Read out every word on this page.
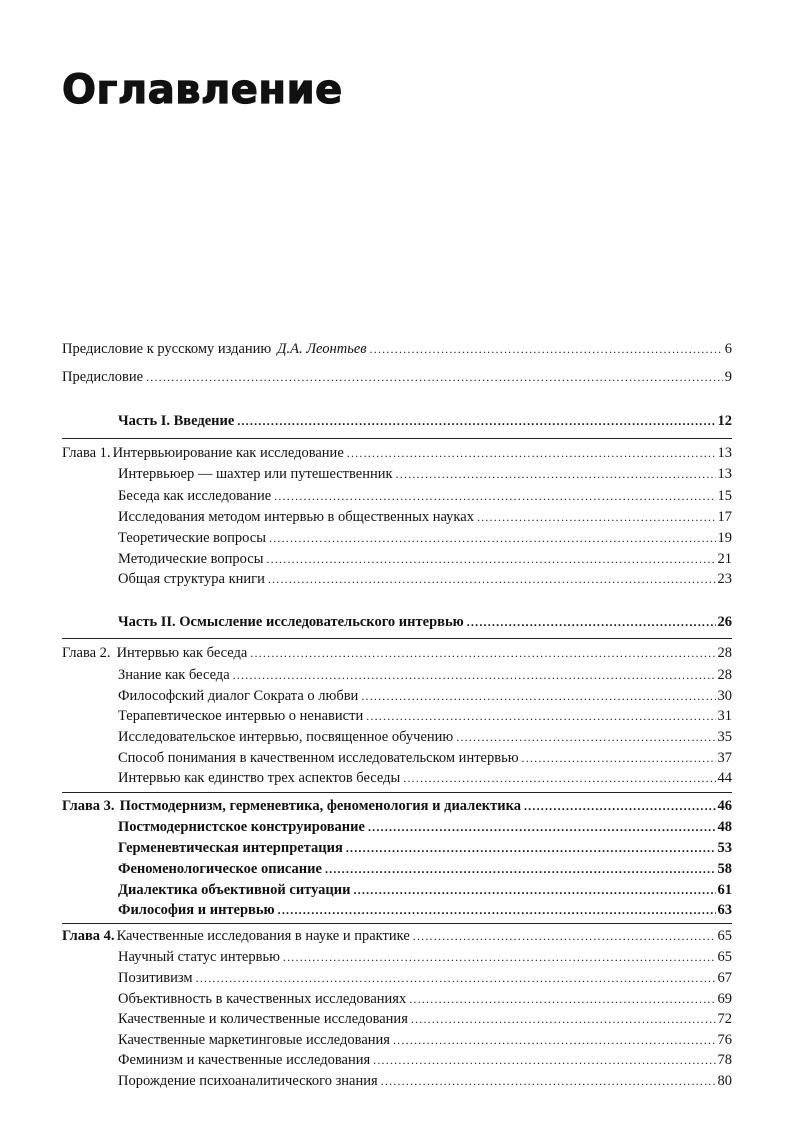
Оглавление
Предисловие к русскому изданию Д.А. Леонтьев .....	6
Предисловие .....	9
Часть I. Введение .....	12
Глава 1. Интервьюирование как исследование .....	13
Интервьюер — шахтер или путешественник .....	13
Беседа как исследование .....	15
Исследования методом интервью в общественных науках .....	17
Теоретические вопросы .....	19
Методические вопросы .....	21
Общая структура книги .....	23
Часть II. Осмысление исследовательского интервью .....	26
Глава 2. Интервью как беседа .....	28
Знание как беседа .....	28
Философский диалог Сократа о любви .....	30
Терапевтическое интервью о ненависти .....	31
Исследовательское интервью, посвященное обучению .....	35
Способ понимания в качественном исследовательском интервью .....	37
Интервью как единство трех аспектов беседы .....	44
Глава 3. Постмодернизм, герменевтика, феноменология и диалектика .....	46
Постмодернистское конструирование .....	48
Герменевтическая интерпретация .....	53
Феноменологическое описание .....	58
Диалектика объективной ситуации .....	61
Философия и интервью .....	63
Глава 4. Качественные исследования в науке и практике .....	65
Научный статус интервью .....	65
Позитивизм .....	67
Объективность в качественных исследованиях .....	69
Качественные и количественные исследования .....	72
Качественные маркетинговые исследования .....	76
Феминизм и качественные исследования .....	78
Порождение психоаналитического знания .....	80
